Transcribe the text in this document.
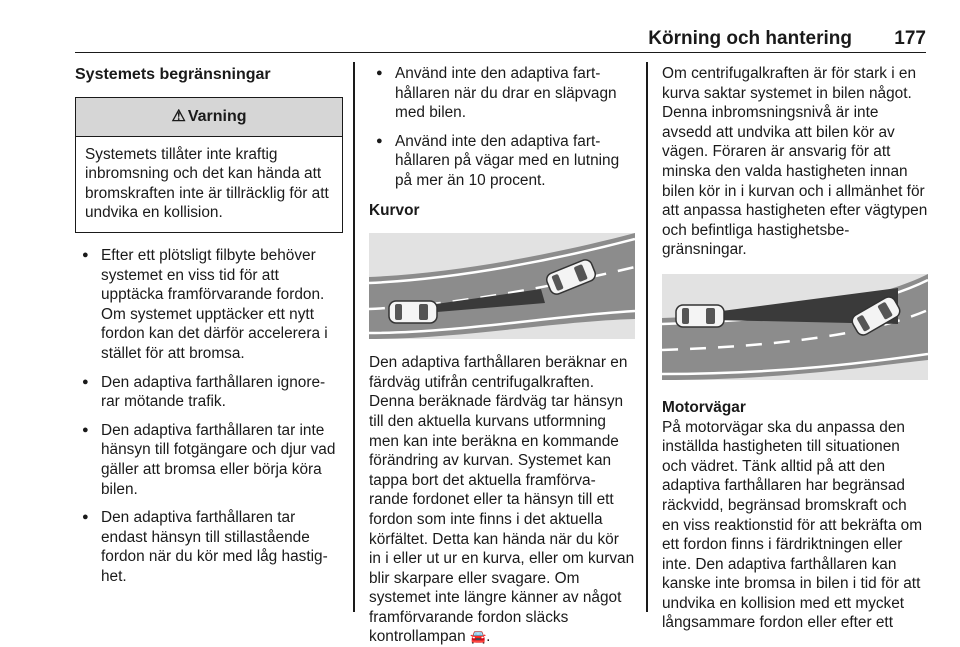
Körning och hantering 177
Systemets begränsningar
⚠ Varning
Systemets tillåter inte kraftig inbromsning och det kan hända att bromskraften inte är tillräcklig för att undvika en kollision.
● Efter ett plötsligt filbyte behöver systemet en viss tid för att upptäcka framförvarande fordon. Om systemet upptäcker ett nytt fordon kan det därför accelerera i stället för att bromsa.
● Den adaptiva farthållaren ignore-rar mötande trafik.
● Den adaptiva farthållaren tar inte hänsyn till fotgängare och djur vad gäller att bromsa eller börja köra bilen.
● Den adaptiva farthållaren tar endast hänsyn till stillastående fordon när du kör med låg hastig-het.
● Använd inte den adaptiva fart-hållaren när du drar en släpvagn med bilen.
● Använd inte den adaptiva fart-hållaren på vägar med en lutning på mer än 10 procent.
Kurvor

Den adaptiva farthållaren beräknar en färdväg utifrån centrifugalkraften. Denna beräknade färdväg tar hänsyn till den aktuella kurvans utformning men kan inte beräkna en kommande förändring av kurvan. Systemet kan tappa bort det aktuella framförva-rande fordonet eller ta hänsyn till ett fordon som inte finns i det aktuella körfältet. Detta kan hända när du kör in i eller ut ur en kurva, eller om kurvan blir skarpare eller svagare. Om systemet inte längre känner av något framförvarande fordon släcks kontrollampan 🚘.

Om centrifugalkraften är för stark i en kurva saktar systemet in bilen något. Denna inbromsningsnivå är inte avsedd att undvika att bilen kör av vägen. Föraren är ansvarig för att minska den valda hastigheten innan bilen kör in i kurvan och i allmänhet för att anpassa hastigheten efter vägtypen och befintliga hastighetsbe-gränsningar.

Motorvägar

På motorvägar ska du anpassa den inställda hastigheten till situationen och vädret. Tänk alltid på att den adaptiva farthållaren har begränsad räckvidd, begränsad bromskraft och en viss reaktionstid för att bekräfta om ett fordon finns i färdriktningen eller inte. Den adaptiva farthållaren kan kanske inte bromsa in bilen i tid för att undvika en kollision med ett mycket långsammare fordon eller efter ett
